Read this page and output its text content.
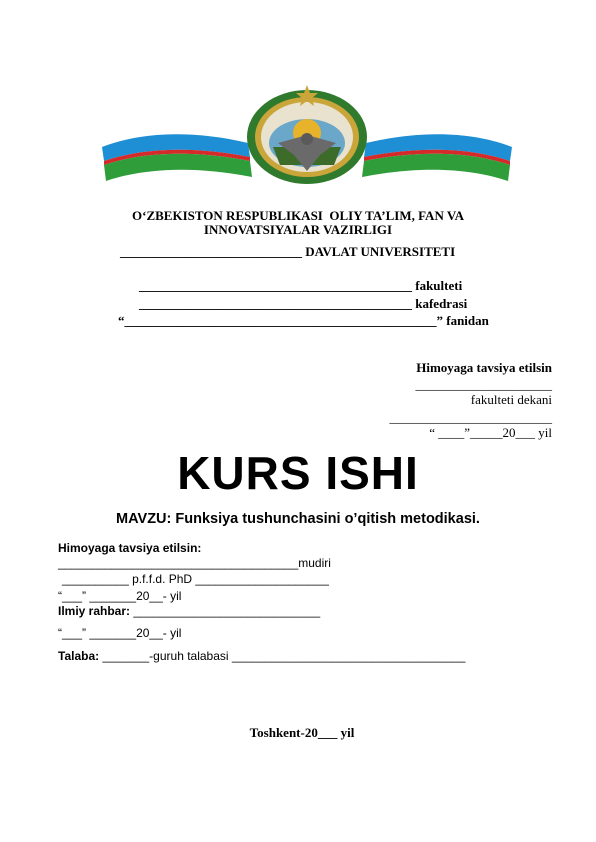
O‘ZBEKISTON RESPUBLIKASI  OLIY TA’LIM, FAN VA
INNOVATSIYALAR VAZIRLIGI
____________________________ DAVLAT UNIVERSITETI
__________________________________________ fakulteti
__________________________________________ kafedrasi
“________________________________________________” fanidan
Himoyaga tavsiya etilsin
_____________________
fakulteti dekani
_________________________
“ ____”_____20___ yil
KURS ISHI
MAVZU: Funksiya tushunchasini o’qitish metodikasi.
Himoyaga tavsiya etilsin:
____________________________________mudiri
__________ p.f.f.d. PhD ____________________
“___” _______20__- yil
Ilmiy rahbar: ____________________________
“___” _______20__- yil
Talaba: _______-guruh talabasi ___________________________________
Toshkent-20___ yil
